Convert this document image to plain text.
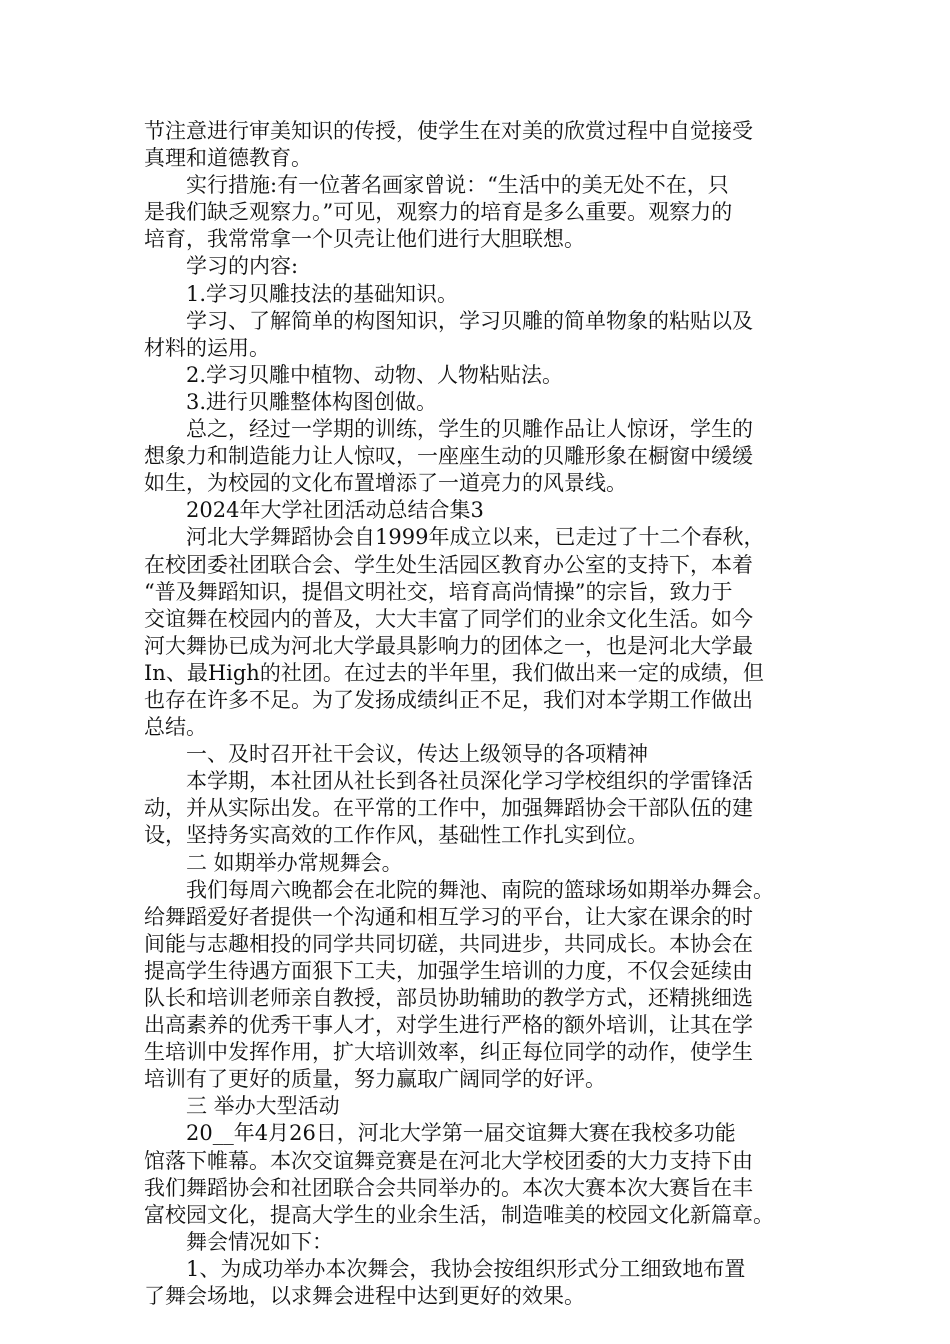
节注意进行审美知识的传授，使学生在对美的欣赏过程中自觉接受

真理和道德教育。

　　实行措施:有一位著名画家曾说：“生活中的美无处不在，只

是我们缺乏观察力。”可见，观察力的培育是多么重要。观察力的

培育，我常常拿一个贝壳让他们进行大胆联想。

　　学习的内容:

　　1.学习贝雕技法的基础知识。

　　学习、了解简单的构图知识，学习贝雕的简单物象的粘贴以及

材料的运用。

　　2.学习贝雕中植物、动物、人物粘贴法。

　　3.进行贝雕整体构图创做。

　　总之，经过一学期的训练，学生的贝雕作品让人惊讶，学生的

想象力和制造能力让人惊叹，一座座生动的贝雕形象在橱窗中缓缓

如生，为校园的文化布置增添了一道亮力的风景线。

　　2024年大学社团活动总结合集3

　　河北大学舞蹈协会自1999年成立以来，已走过了十二个春秋，

在校团委社团联合会、学生处生活园区教育办公室的支持下，本着

“普及舞蹈知识，提倡文明社交，培育高尚情操”的宗旨，致力于

交谊舞在校园内的普及，大大丰富了同学们的业余文化生活。如今

河大舞协已成为河北大学最具影响力的团体之一，也是河北大学最

In、最High的社团。在过去的半年里，我们做出来一定的成绩，但

也存在许多不足。为了发扬成绩纠正不足，我们对本学期工作做出

总结。

　　一、及时召开社干会议，传达上级领导的各项精神

　　本学期，本社团从社长到各社员深化学习学校组织的学雷锋活

动，并从实际出发。在平常的工作中，加强舞蹈协会干部队伍的建

设，坚持务实高效的工作作风，基础性工作扎实到位。

　　二 如期举办常规舞会。

　　我们每周六晚都会在北院的舞池、南院的篮球场如期举办舞会。

给舞蹈爱好者提供一个沟通和相互学习的平台，让大家在课余的时

间能与志趣相投的同学共同切磋，共同进步，共同成长。本协会在

提高学生待遇方面狠下工夫，加强学生培训的力度，不仅会延续由

队长和培训老师亲自教授，部员协助辅助的教学方式，还精挑细选

出高素养的优秀干事人才，对学生进行严格的额外培训，让其在学

生培训中发挥作用，扩大培训效率，纠正每位同学的动作，使学生

培训有了更好的质量，努力赢取广阔同学的好评。

　　三 举办大型活动

　　20__年4月26日，河北大学第一届交谊舞大赛在我校多功能

馆落下帷幕。本次交谊舞竞赛是在河北大学校团委的大力支持下由

我们舞蹈协会和社团联合会共同举办的。本次大赛本次大赛旨在丰

富校园文化，提高大学生的业余生活，制造唯美的校园文化新篇章。

　　舞会情况如下：

　　1、为成功举办本次舞会，我协会按组织形式分工细致地布置

了舞会场地，以求舞会进程中达到更好的效果。
